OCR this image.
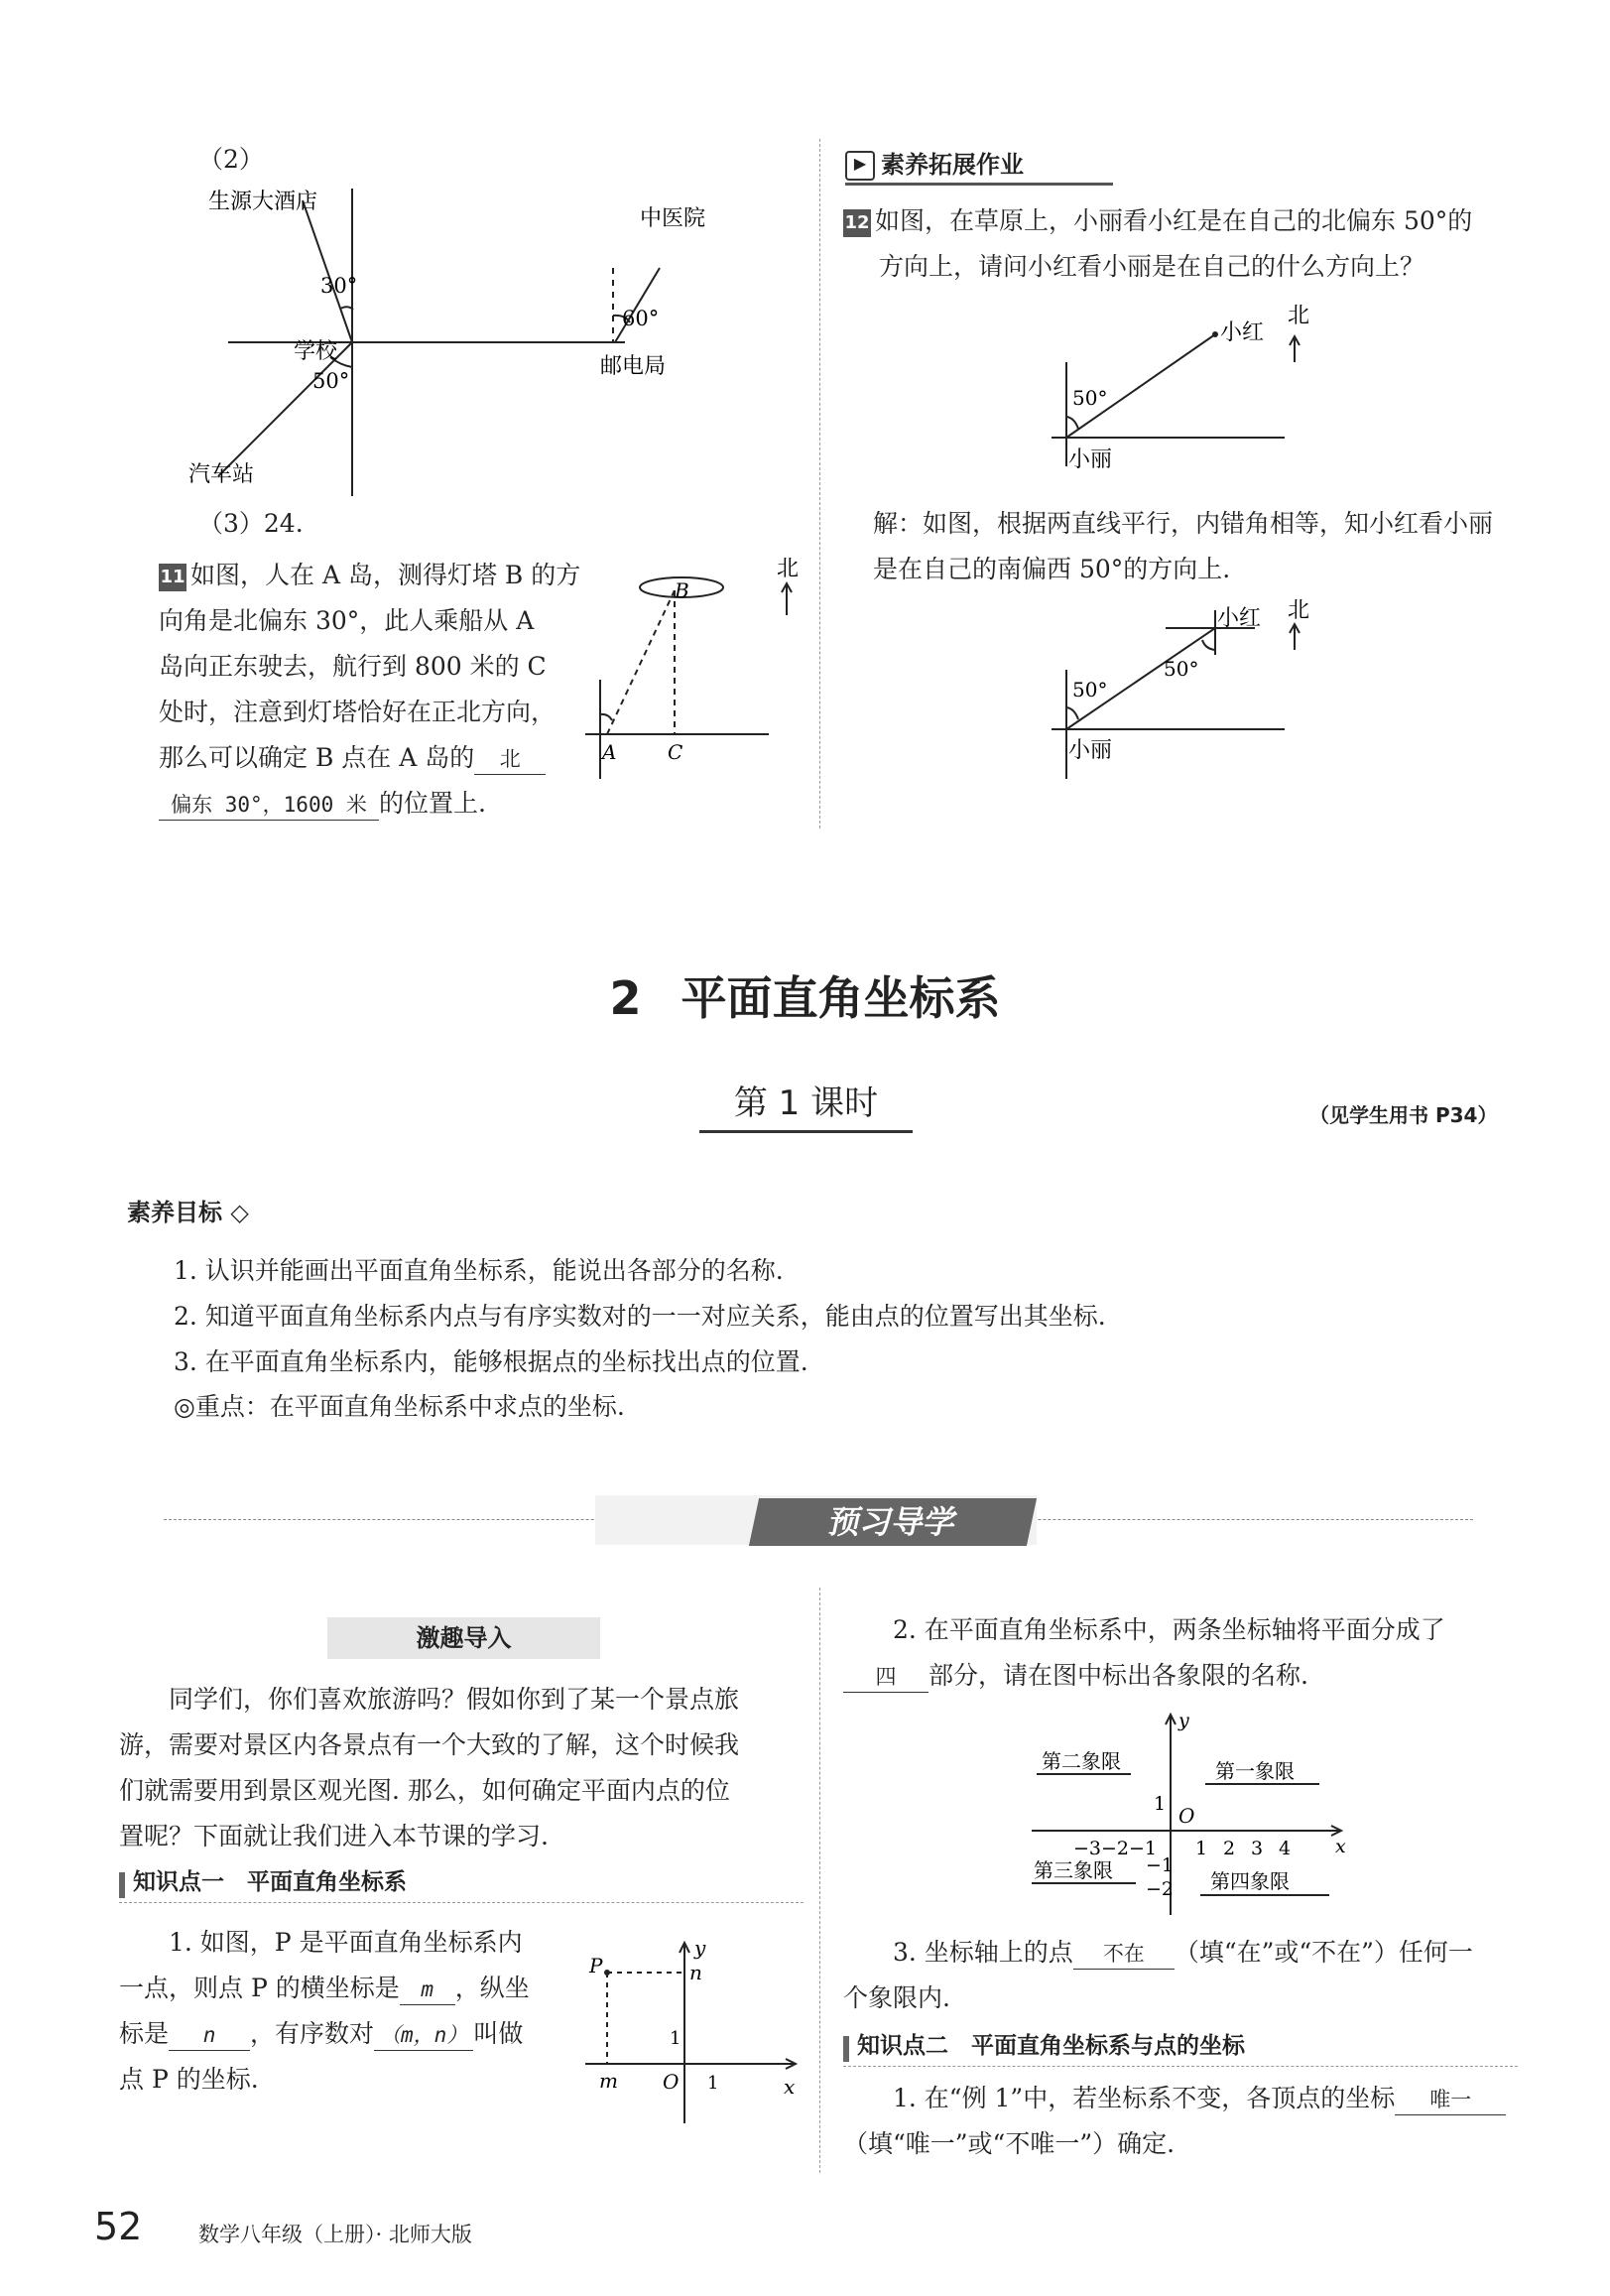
（2）
生源大酒店
中医院
30°
60°
学校
邮电局
50°
汽车站
（3）24.
11 如图，人在 A 岛，测得灯塔 B 的方
向角是北偏东 30°，此人乘船从 A
岛向正东驶去，航行到 800 米的 C
处时，注意到灯塔恰好在正北方向，
那么可以确定 B 点在 A 岛的 北
偏东 30°，1600 米 的位置上.
北
B
A	C
▶ 素养拓展作业
12 如图，在草原上，小丽看小红是在自己的北偏东 50°的
方向上，请问小红看小丽是在自己的什么方向上？
北
小红
50°
小丽
解：如图，根据两直线平行，内错角相等，知小红看小丽
是在自己的南偏西 50°的方向上.
北
小红
50°
50°
小丽
2 平面直角坐标系
第 1 课时	（见学生用书 P34）
素养目标 ◇
1. 认识并能画出平面直角坐标系，能说出各部分的名称.
2. 知道平面直角坐标系内点与有序实数对的一一对应关系，能由点的位置写出其坐标.
3. 在平面直角坐标系内，能够根据点的坐标找出点的位置.
◎重点：在平面直角坐标系中求点的坐标.
预习导学
激趣导入
同学们，你们喜欢旅游吗？假如你到了某一个景点旅
游，需要对景区内各景点有一个大致的了解，这个时候我
们就需要用到景区观光图. 那么，如何确定平面内点的位
置呢？下面就让我们进入本节课的学习.
知识点一　平面直角坐标系
1. 如图，P 是平面直角坐标系内
一点，则点 P 的横坐标是 m ，纵坐
标是 n ，有序数对 （m，n） 叫做
点 P 的坐标.
y
x
P	n
1
m O 1
2. 在平面直角坐标系中，两条坐标轴将平面分成了
四 部分，请在图中标出各象限的名称.
y
x
O
第二象限	第一象限
第三象限	第四象限
−3 −2 −1 1 2 3 4
1
−1
−2
3. 坐标轴上的点 不在 （填“在”或“不在”）任何一
个象限内.
知识点二　平面直角坐标系与点的坐标
1. 在“例 1”中，若坐标系不变，各顶点的坐标 唯一
（填“唯一”或“不唯一”）确定.
52	数学八年级（上册）· 北师大版
